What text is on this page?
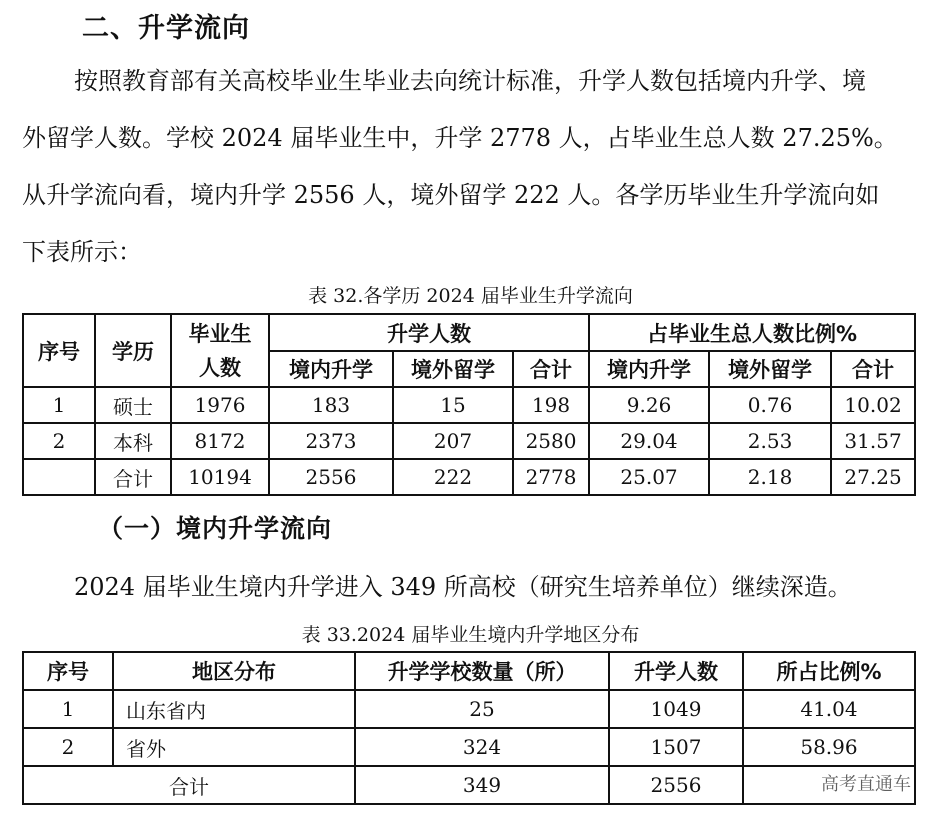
二、升学流向
按照教育部有关高校毕业生毕业去向统计标准，升学人数包括境内升学、境
外留学人数。学校 2024 届毕业生中，升学 2778 人，占毕业生总人数 27.25%。
从升学流向看，境内升学 2556 人，境外留学 222 人。各学历毕业生升学流向如
下表所示：
表 32.各学历 2024 届毕业生升学流向
序号	学历	毕业生人数	升学人数			占毕业生总人数比例%		
			境内升学	境外留学	合计	境内升学	境外留学	合计
1	硕士	1976	183	15	198	9.26	0.76	10.02
2	本科	8172	2373	207	2580	29.04	2.53	31.57
	合计	10194	2556	222	2778	25.07	2.18	27.25
（一）境内升学流向
2024 届毕业生境内升学进入 349 所高校（研究生培养单位）继续深造。
表 33.2024 届毕业生境内升学地区分布
序号	地区分布	升学学校数量（所）	升学人数	所占比例%
1	山东省内	25	1049	41.04
2	省外	324	1507	58.96
合计		349	2556		高考直通车
